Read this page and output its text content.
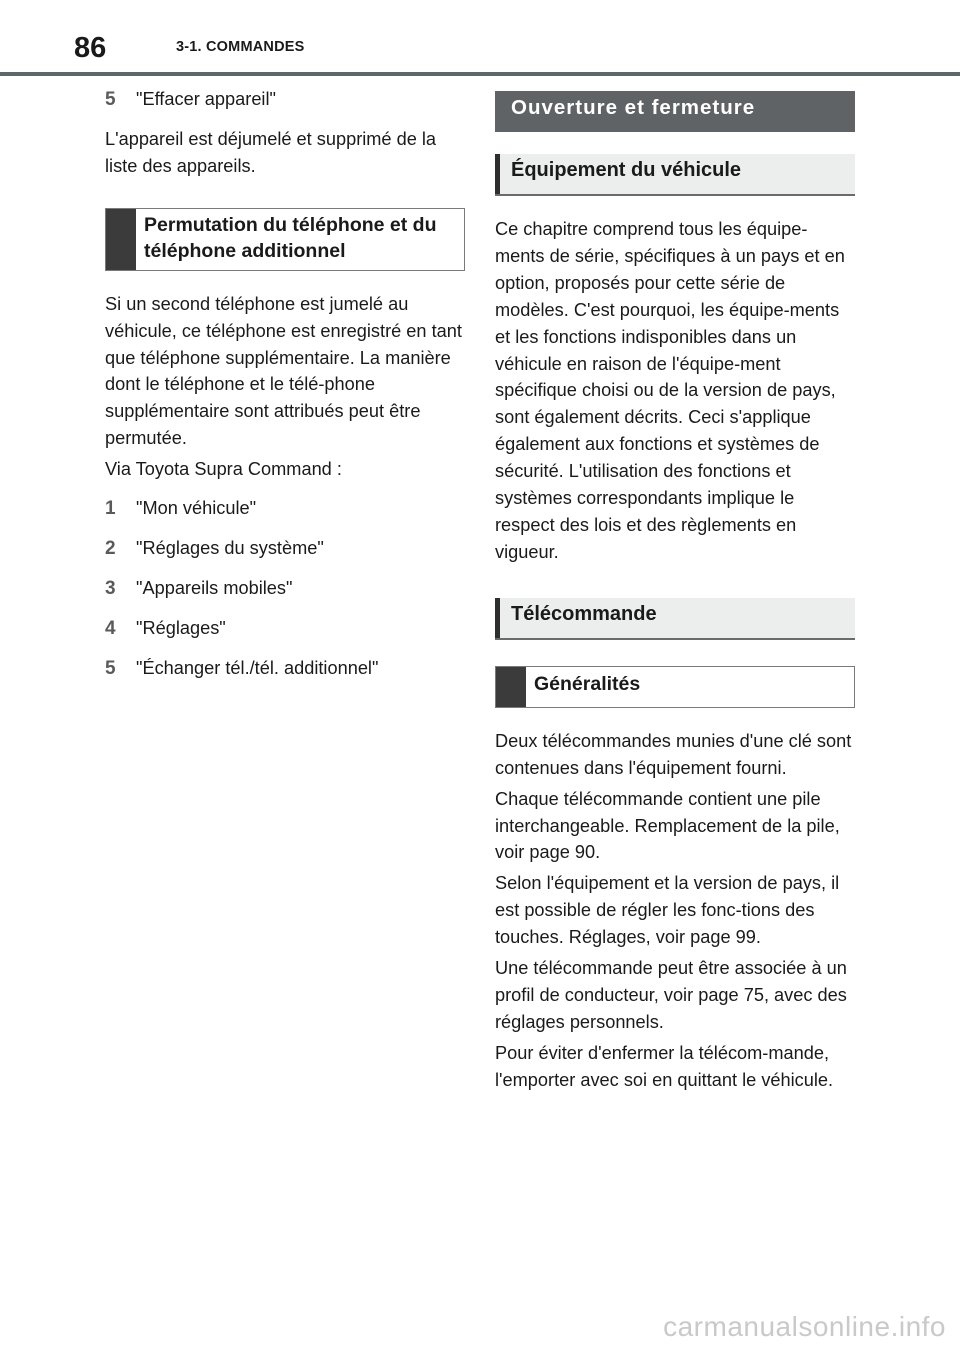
86	3-1. COMMANDES
5	"Effacer appareil"

L'appareil est déjumelé et supprimé de la liste des appareils.

Permutation du téléphone et du téléphone additionnel

Si un second téléphone est jumelé au véhicule, ce téléphone est enregistré en tant que téléphone supplémentaire. La manière dont le téléphone et le télé-phone supplémentaire sont attribués peut être permutée.

Via Toyota Supra Command :

1	"Mon véhicule"
2	"Réglages du système"
3	"Appareils mobiles"
4	"Réglages"
5	"Échanger tél./tél. additionnel"
Ouverture et fermeture
Équipement du véhicule

Ce chapitre comprend tous les équipe-ments de série, spécifiques à un pays et en option, proposés pour cette série de modèles. C'est pourquoi, les équipe-ments et les fonctions indisponibles dans un véhicule en raison de l'équipe-ment spécifique choisi ou de la version de pays, sont également décrits. Ceci s'applique également aux fonctions et systèmes de sécurité. L'utilisation des fonctions et systèmes correspondants implique le respect des lois et des règlements en vigueur.

Télécommande
Généralités

Deux télécommandes munies d'une clé sont contenues dans l'équipement fourni.

Chaque télécommande contient une pile interchangeable. Remplacement de la pile, voir page 90.

Selon l'équipement et la version de pays, il est possible de régler les fonc-tions des touches. Réglages, voir page 99.

Une télécommande peut être associée à un profil de conducteur, voir page 75, avec des réglages personnels.

Pour éviter d'enfermer la télécom-mande, l'emporter avec soi en quittant le véhicule.

carmanualsonline.info
